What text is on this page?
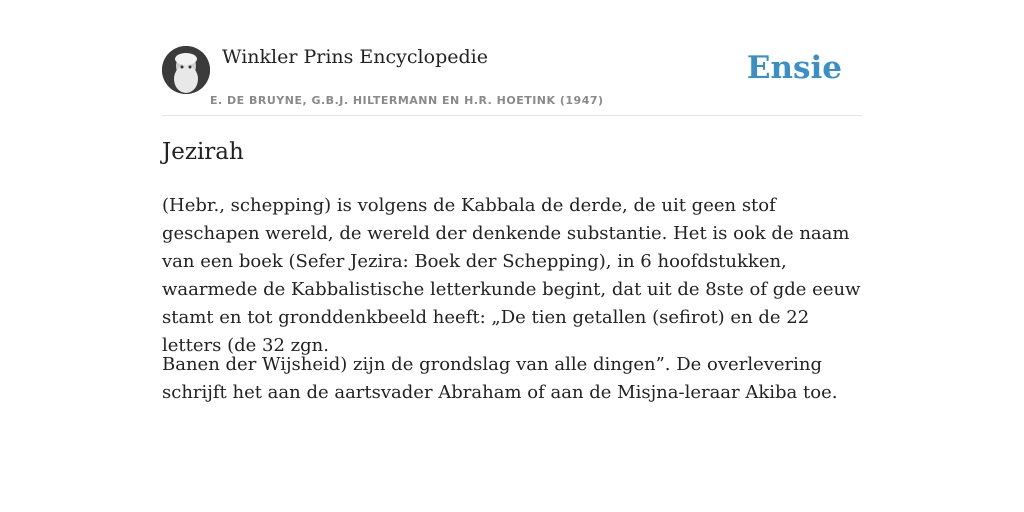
Winkler Prins Encyclopedie
E. DE BRUYNE, G.B.J. HILTERMANN EN H.R. HOETINK (1947)
Ensie
Jezirah

(Hebr., schepping) is volgens de Kabbala de derde, de uit geen stof geschapen wereld, de wereld der denkende substantie. Het is ook de naam van een boek (Sefer Jezira: Boek der Schepping), in 6 hoofdstukken, waarmede de Kabbalistische letterkunde begint, dat uit de 8ste of gde eeuw stamt en tot gronddenkbeeld heeft: „De tien getallen (sefirot) en de 22 letters (de 32 zgn.

Banen der Wijsheid) zijn de grondslag van alle dingen”. De overlevering schrijft het aan de aartsvader Abraham of aan de Misjna-leraar Akiba toe.
